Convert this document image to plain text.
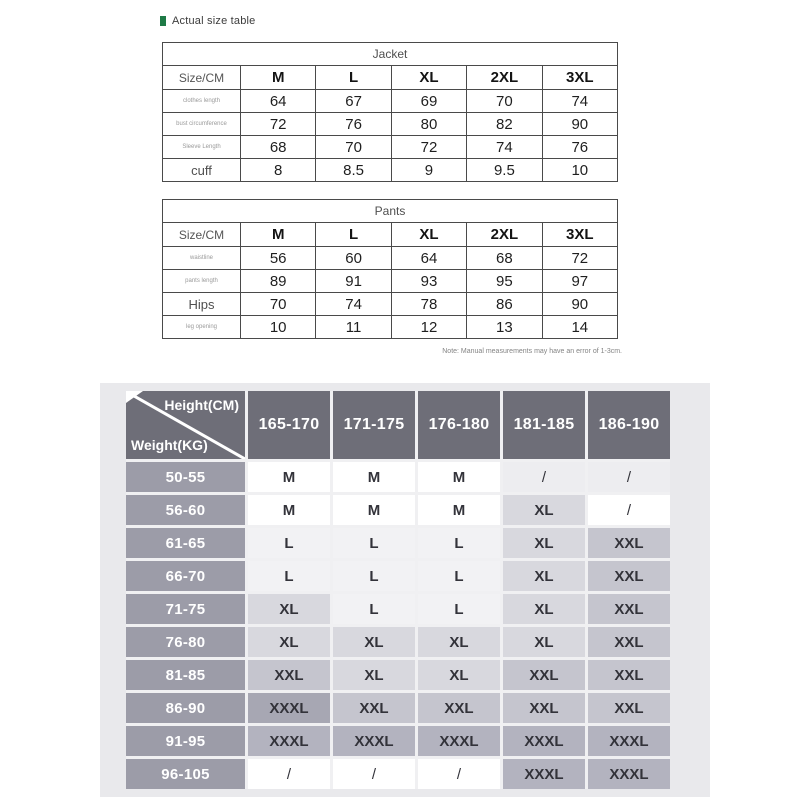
Actual size table
Jacket					
Size/CM	M	L	XL	2XL	3XL
clothes length	64	67	69	70	74
bust circumference	72	76	80	82	90
Sleeve Length	68	70	72	74	76
cuff	8	8.5	9	9.5	10
Pants					
Size/CM	M	L	XL	2XL	3XL
waistline	56	60	64	68	72
pants length	89	91	93	95	97
Hips	70	74	78	86	90
leg opening	10	11	12	13	14
Note: Manual measurements may have an error of 1-3cm.
Height(CM)
Weight(KG)
165-170	171-175	176-180	181-185	186-190
50-55	M	M	M	/	/
56-60	M	M	M	XL	/
61-65	L	L	L	XL	XXL
66-70	L	L	L	XL	XXL
71-75	XL	L	L	XL	XXL
76-80	XL	XL	XL	XL	XXL
81-85	XXL	XL	XL	XXL	XXL
86-90	XXXL	XXL	XXL	XXL	XXL
91-95	XXXL	XXXL	XXXL	XXXL	XXXL
96-105	/	/	/	XXXL	XXXL
